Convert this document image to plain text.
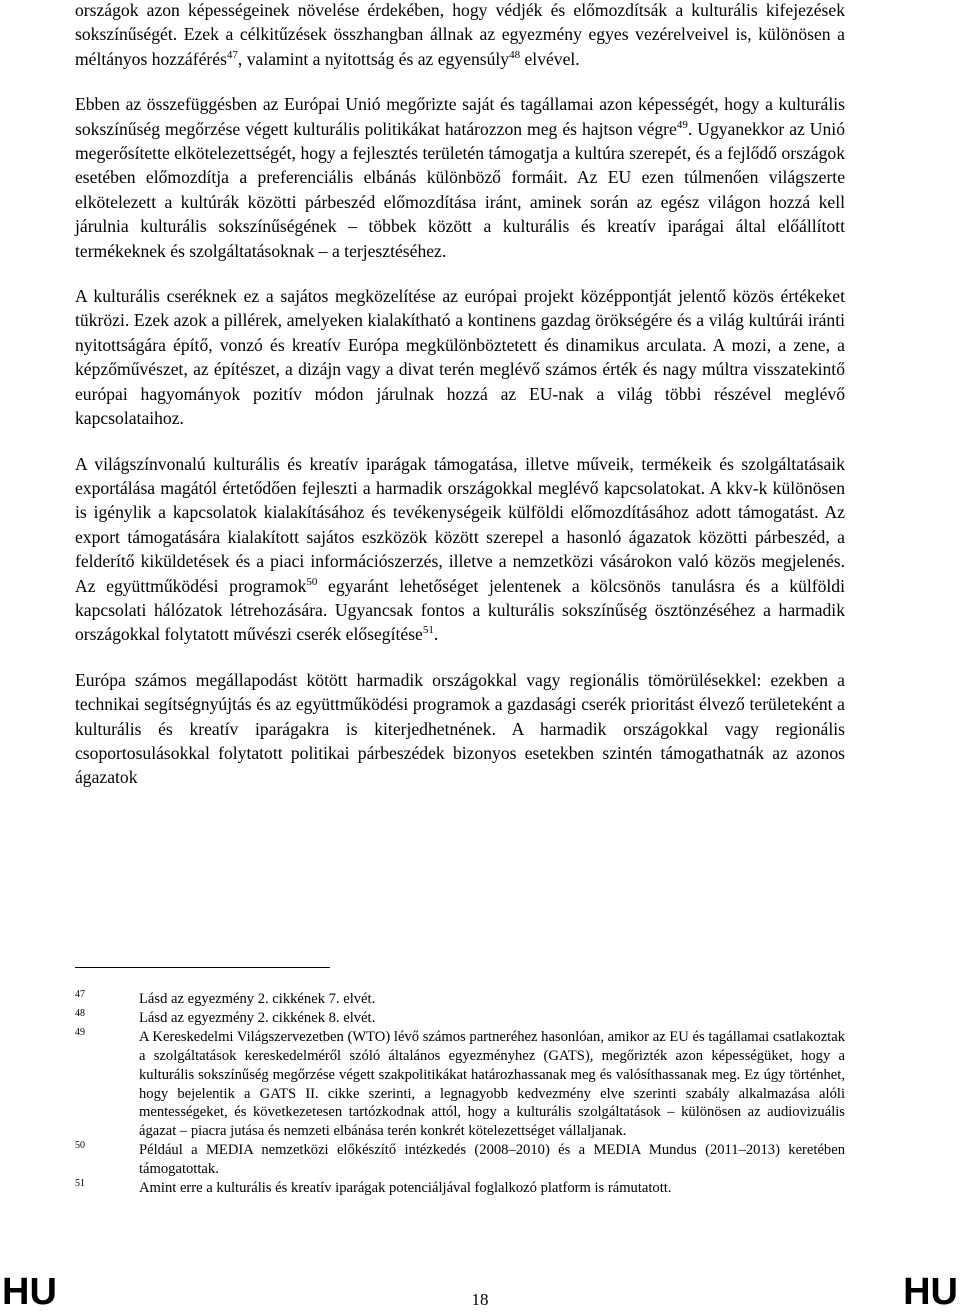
országok azon képességeinek növelése érdekében, hogy védjék és előmozdítsák a kulturális kifejezések sokszínűségét. Ezek a célkitűzések összhangban állnak az egyezmény egyes vezérelveivel is, különösen a méltányos hozzáférés$^{47}$, valamint a nyitottság és az egyensúly$^{48}$ elvével.

Ebben az összefüggésben az Európai Unió megőrizte saját és tagállamai azon képességét, hogy a kulturális sokszínűség megőrzése végett kulturális politikákat határozzon meg és hajtson végre$^{49}$. Ugyanekkor az Unió megerősítette elkötelezettségét, hogy a fejlesztés területén támogatja a kultúra szerepét, és a fejlődő országok esetében előmozdítja a preferenciális elbánás különböző formáit. Az EU ezen túlmenően világszerte elkötelezett a kultúrák közötti párbeszéd előmozdítása iránt, aminek során az egész világon hozzá kell járulnia kulturális sokszínűségének – többek között a kulturális és kreatív iparágai által előállított termékeknek és szolgáltatásoknak – a terjesztéséhez.

A kulturális cseréknek ez a sajátos megközelítése az európai projekt középpontját jelentő közös értékeket tükrözi. Ezek azok a pillérek, amelyeken kialakítható a kontinens gazdag örökségére és a világ kultúrái iránti nyitottságára építő, vonzó és kreatív Európa megkülönböztetett és dinamikus arculata. A mozi, a zene, a képzőművészet, az építészet, a dizájn vagy a divat terén meglévő számos érték és nagy múltra visszatekintő európai hagyományok pozitív módon járulnak hozzá az EU-nak a világ többi részével meglévő kapcsolataihoz.

A világszínvonalú kulturális és kreatív iparágak támogatása, illetve műveik, termékeik és szolgáltatásaik exportálása magától értetődően fejleszti a harmadik országokkal meglévő kapcsolatokat. A kkv-k különösen is igénylik a kapcsolatok kialakításához és tevékenységeik külföldi előmozdításához adott támogatást. Az export támogatására kialakított sajátos eszközök között szerepel a hasonló ágazatok közötti párbeszéd, a felderítő kiküldetések és a piaci információszerzés, illetve a nemzetközi vásárokon való közös megjelenés. Az együttműködési programok$^{50}$ egyaránt lehetőséget jelentenek a kölcsönös tanulásra és a külföldi kapcsolati hálózatok létrehozására. Ugyancsak fontos a kulturális sokszínűség ösztönzéséhez a harmadik országokkal folytatott művészi cserék elősegítése$^{51}$.

Európa számos megállapodást kötött harmadik országokkal vagy regionális tömörülésekkel: ezekben a technikai segítségnyújtás és az együttműködési programok a gazdasági cserék prioritást élvező területeként a kulturális és kreatív iparágakra is kiterjedhetnének. A harmadik országokkal vagy regionális csoportosulásokkal folytatott politikai párbeszédek bizonyos esetekben szintén támogathatnák az azonos ágazatok

47	Lásd az egyezmény 2. cikkének 7. elvét.
48	Lásd az egyezmény 2. cikkének 8. elvét.
49	A Kereskedelmi Világszervezetben (WTO) lévő számos partneréhez hasonlóan, amikor az EU és tagállamai csatlakoztak a szolgáltatások kereskedelméről szóló általános egyezményhez (GATS), megőrizték azon képességüket, hogy a kulturális sokszínűség megőrzése végett szakpolitikákat határozhassanak meg és valósíthassanak meg. Ez úgy történhet, hogy bejelentik a GATS II. cikke szerinti, a legnagyobb kedvezmény elve szerinti szabály alkalmazása alóli mentességeket, és következetesen tartózkodnak attól, hogy a kulturális szolgáltatások – különösen az audiovizuális ágazat – piacra jutása és nemzeti elbánása terén konkrét kötelezettséget vállaljanak.
50	Például a MEDIA nemzetközi előkészítő intézkedés (2008–2010) és a MEDIA Mundus (2011–2013) keretében támogatottak.
51	Amint erre a kulturális és kreatív iparágak potenciáljával foglalkozó platform is rámutatott.
HU	18	HU
